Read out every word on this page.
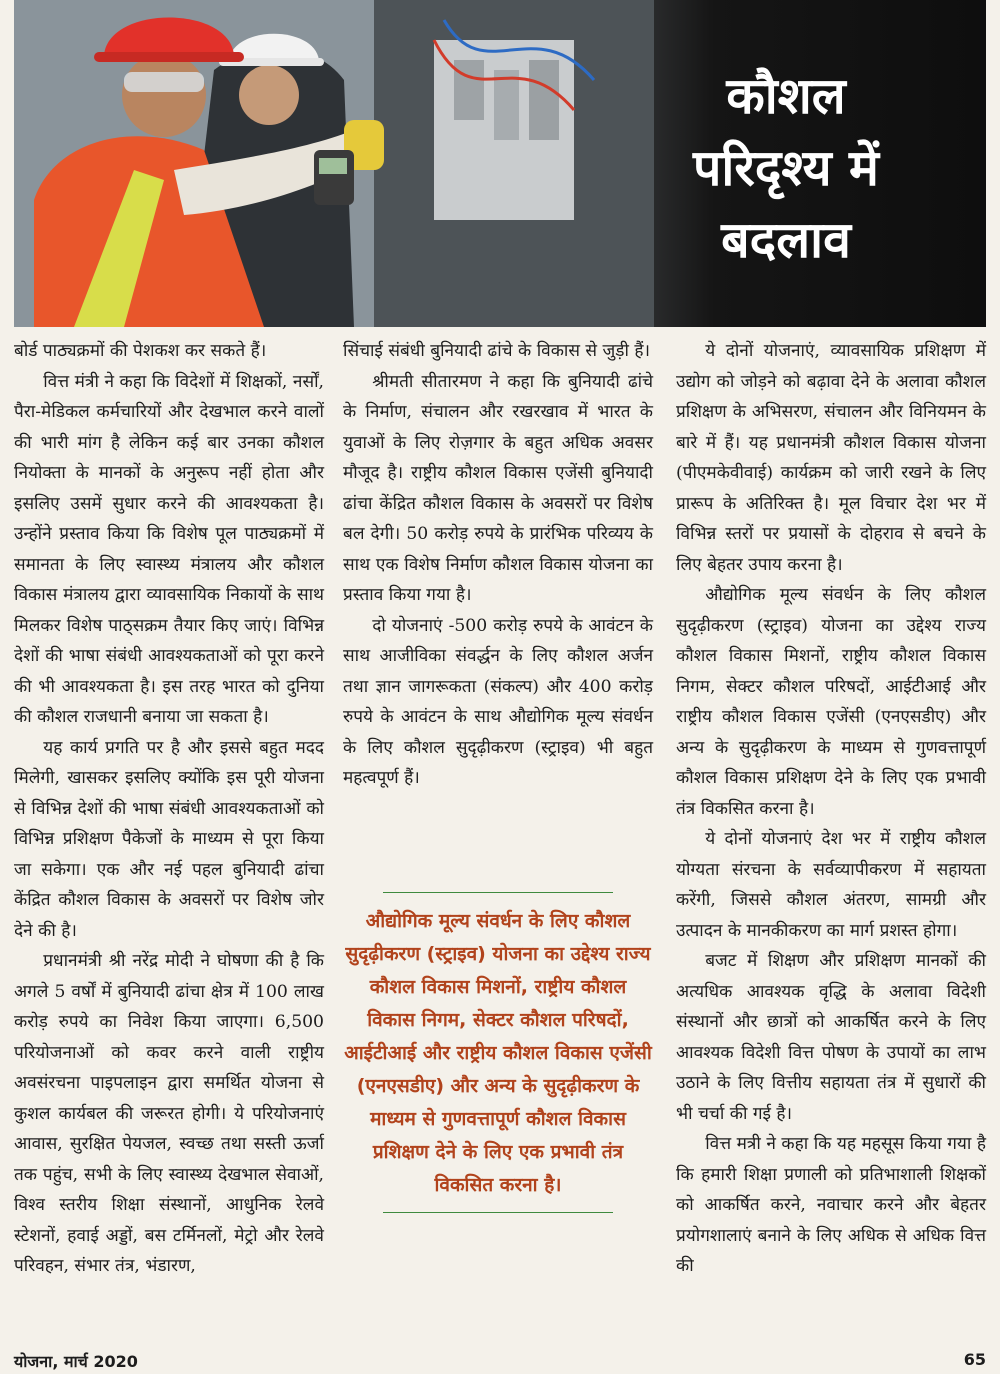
कौशल
परिदृश्य में
बदलाव

बोर्ड पाठ्यक्रमों की पेशकश कर सकते हैं।

वित्त मंत्री ने कहा कि विदेशों में शिक्षकों, नर्सों, पैरा-मेडिकल कर्मचारियों और देखभाल करने वालों की भारी मांग है लेकिन कई बार उनका कौशल नियोक्ता के मानकों के अनुरूप नहीं होता और इसलिए उसमें सुधार करने की आवश्यकता है। उन्होंने प्रस्ताव किया कि विशेष पूल पाठ्यक्रमों में समानता के लिए स्वास्थ्य मंत्रालय और कौशल विकास मंत्रालय द्वारा व्यावसायिक निकायों के साथ मिलकर विशेष पाठ्सक्रम तैयार किए जाएं। विभिन्न देशों की भाषा संबंधी आवश्यकताओं को पूरा करने की भी आवश्यकता है। इस तरह भारत को दुनिया की कौशल राजधानी बनाया जा सकता है।

यह कार्य प्रगति पर है और इससे बहुत मदद मिलेगी, खासकर इसलिए क्योंकि इस पूरी योजना से विभिन्न देशों की भाषा संबंधी आवश्यकताओं को विभिन्न प्रशिक्षण पैकेजों के माध्यम से पूरा किया जा सकेगा। एक और नई पहल बुनियादी ढांचा केंद्रित कौशल विकास के अवसरों पर विशेष जोर देने की है।

प्रधानमंत्री श्री नरेंद्र मोदी ने घोषणा की है कि अगले 5 वर्षों में बुनियादी ढांचा क्षेत्र में 100 लाख करोड़ रुपये का निवेश किया जाएगा। 6,500 परियोजनाओं को कवर करने वाली राष्ट्रीय अवसंरचना पाइपलाइन द्वारा समर्थित योजना से कुशल कार्यबल की जरूरत होगी। ये परियोजनाएं आवास, सुरक्षित पेयजल, स्वच्छ तथा सस्ती ऊर्जा तक पहुंच, सभी के लिए स्वास्थ्य देखभाल सेवाओं, विश्व स्तरीय शिक्षा संस्थानों, आधुनिक रेलवे स्टेशनों, हवाई अड्डों, बस टर्मिनलों, मेट्रो और रेलवे परिवहन, संभार तंत्र, भंडारण,

सिंचाई संबंधी बुनियादी ढांचे के विकास से जुड़ी हैं।

श्रीमती सीतारमण ने कहा कि बुनियादी ढांचे के निर्माण, संचालन और रखरखाव में भारत के युवाओं के लिए रोज़गार के बहुत अधिक अवसर मौजूद है। राष्ट्रीय कौशल विकास एजेंसी बुनियादी ढांचा केंद्रित कौशल विकास के अवसरों पर विशेष बल देगी। 50 करोड़ रुपये के प्रारंभिक परिव्यय के साथ एक विशेष निर्माण कौशल विकास योजना का प्रस्ताव किया गया है।

दो योजनाएं -500 करोड़ रुपये के आवंटन के साथ आजीविका संवर्द्धन के लिए कौशल अर्जन तथा ज्ञान जागरूकता (संकल्प) और 400 करोड़ रुपये के आवंटन के साथ औद्योगिक मूल्य संवर्धन के लिए कौशल सुदृढ़ीकरण (स्ट्राइव) भी बहुत महत्वपूर्ण हैं।

औद्योगिक मूल्य संवर्धन के लिए कौशल सुदृढ़ीकरण (स्ट्राइव) योजना का उद्देश्य राज्य कौशल विकास मिशनों, राष्ट्रीय कौशल विकास निगम, सेक्टर कौशल परिषदों, आईटीआई और राष्ट्रीय कौशल विकास एजेंसी (एनएसडीए) और अन्य के सुदृढ़ीकरण के माध्यम से गुणवत्तापूर्ण कौशल विकास प्रशिक्षण देने के लिए एक प्रभावी तंत्र विकसित करना है।

ये दोनों योजनाएं, व्यावसायिक प्रशिक्षण में उद्योग को जोड़ने को बढ़ावा देने के अलावा कौशल प्रशिक्षण के अभिसरण, संचालन और विनियमन के बारे में हैं। यह प्रधानमंत्री कौशल विकास योजना (पीएमकेवीवाई) कार्यक्रम को जारी रखने के लिए प्रारूप के अतिरिक्त है। मूल विचार देश भर में विभिन्न स्तरों पर प्रयासों के दोहराव से बचने के लिए बेहतर उपाय करना है।

औद्योगिक मूल्य संवर्धन के लिए कौशल सुदृढ़ीकरण (स्ट्राइव) योजना का उद्देश्य राज्य कौशल विकास मिशनों, राष्ट्रीय कौशल विकास निगम, सेक्टर कौशल परिषदों, आईटीआई और राष्ट्रीय कौशल विकास एजेंसी (एनएसडीए) और अन्य के सुदृढ़ीकरण के माध्यम से गुणवत्तापूर्ण कौशल विकास प्रशिक्षण देने के लिए एक प्रभावी तंत्र विकसित करना है।

ये दोनों योजनाएं देश भर में राष्ट्रीय कौशल योग्यता संरचना के सर्वव्यापीकरण में सहायता करेंगी, जिससे कौशल अंतरण, सामग्री और उत्पादन के मानकीकरण का मार्ग प्रशस्त होगा।

बजट में शिक्षण और प्रशिक्षण मानकों की अत्यधिक आवश्यक वृद्धि के अलावा विदेशी संस्थानों और छात्रों को आकर्षित करने के लिए आवश्यक विदेशी वित्त पोषण के उपायों का लाभ उठाने के लिए वित्तीय सहायता तंत्र में सुधारों की भी चर्चा की गई है।

वित्त मत्री ने कहा कि यह महसूस किया गया है कि हमारी शिक्षा प्रणाली को प्रतिभाशाली शिक्षकों को आकर्षित करने, नवाचार करने और बेहतर प्रयोगशालाएं बनाने के लिए अधिक से अधिक वित्त की

योजना, मार्च 2020	65
